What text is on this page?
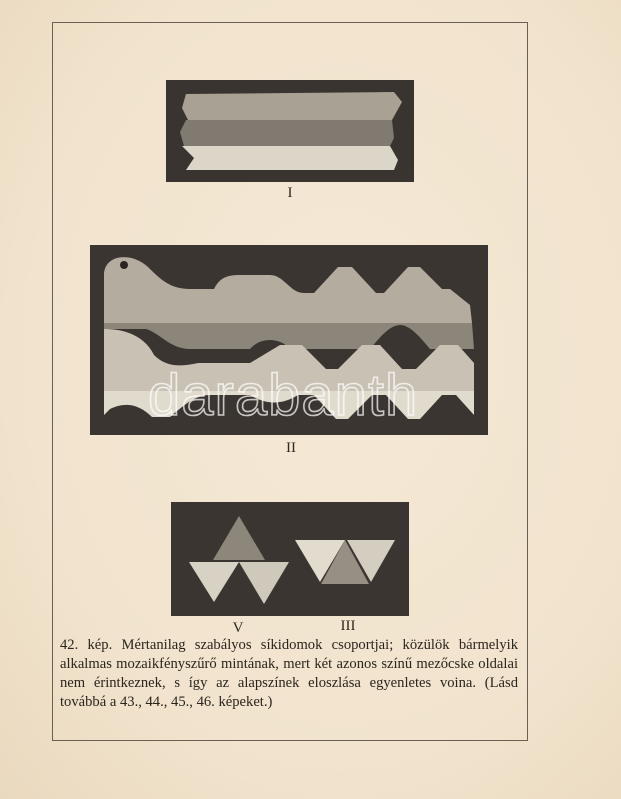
I
II
V	III
42. kép. Mértanilag szabályos síkidomok csoportjai; közülök bármelyik alkalmas mozaikfényszűrő mintának, mert két azonos színű mezőcske oldalai nem érintkeznek, s így az alapszínek eloszlása egyenletes voina. (Lásd továbbá a 43., 44., 45., 46. képeket.)
